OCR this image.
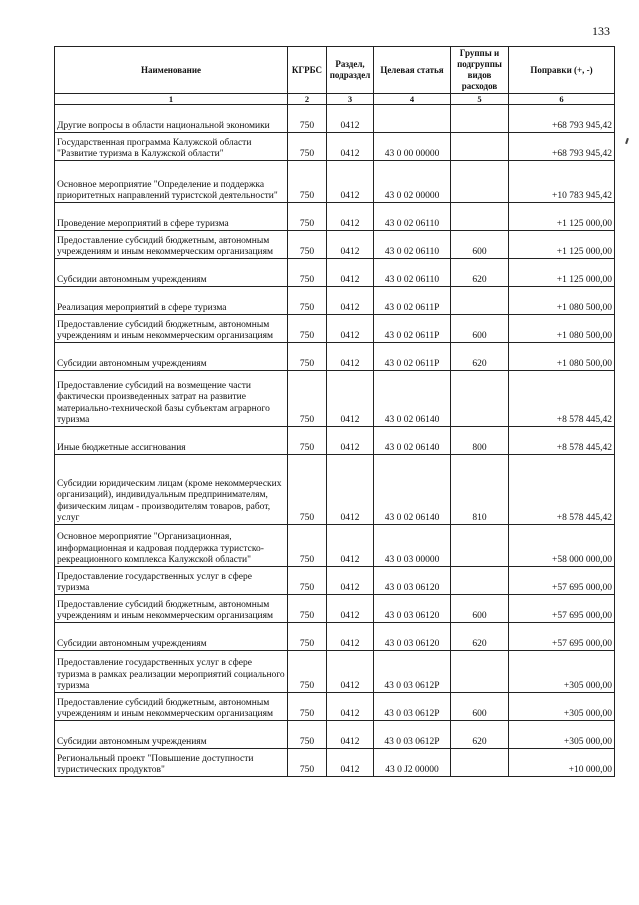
133
Наименование	КГРБС	Раздел, подраздел	Целевая статья	Группы и подгруппы видов расходов	Поправки (+, -)
1	2	3	4	5	6
Другие вопросы в области национальной экономики	750	0412			+68 793 945,42
Государственная программа Калужской области "Развитие туризма в Калужской области"	750	0412	43 0 00 00000		+68 793 945,42
Основное мероприятие "Определение и поддержка приоритетных направлений туристской деятельности"	750	0412	43 0 02 00000		+10 783 945,42
Проведение мероприятий в сфере туризма	750	0412	43 0 02 06110		+1 125 000,00
Предоставление субсидий бюджетным, автономным учреждениям и иным некоммерческим организациям	750	0412	43 0 02 06110	600	+1 125 000,00
Субсидии автономным учреждениям	750	0412	43 0 02 06110	620	+1 125 000,00
Реализация мероприятий в сфере туризма	750	0412	43 0 02 0611Р		+1 080 500,00
Предоставление субсидий бюджетным, автономным учреждениям и иным некоммерческим организациям	750	0412	43 0 02 0611Р	600	+1 080 500,00
Субсидии автономным учреждениям	750	0412	43 0 02 0611Р	620	+1 080 500,00
Предоставление субсидий на возмещение части фактически произведенных затрат на развитие материально-технической базы субъектам аграрного туризма	750	0412	43 0 02 06140		+8 578 445,42
Иные бюджетные ассигнования	750	0412	43 0 02 06140	800	+8 578 445,42
Субсидии юридическим лицам (кроме некоммерческих организаций), индивидуальным предпринимателям, физическим лицам - производителям товаров, работ, услуг	750	0412	43 0 02 06140	810	+8 578 445,42
Основное мероприятие "Организационная, информационная и кадровая поддержка туристско-рекреационного комплекса Калужской области"	750	0412	43 0 03 00000		+58 000 000,00
Предоставление государственных услуг в сфере туризма	750	0412	43 0 03 06120		+57 695 000,00
Предоставление субсидий бюджетным, автономным учреждениям и иным некоммерческим организациям	750	0412	43 0 03 06120	600	+57 695 000,00
Субсидии автономным учреждениям	750	0412	43 0 03 06120	620	+57 695 000,00
Предоставление государственных услуг в сфере туризма в рамках реализации мероприятий социального туризма	750	0412	43 0 03 0612Р		+305 000,00
Предоставление субсидий бюджетным, автономным учреждениям и иным некоммерческим организациям	750	0412	43 0 03 0612Р	600	+305 000,00
Субсидии автономным учреждениям	750	0412	43 0 03 0612Р	620	+305 000,00
Региональный проект "Повышение доступности туристических продуктов"	750	0412	43 0 J2 00000		+10 000,00
